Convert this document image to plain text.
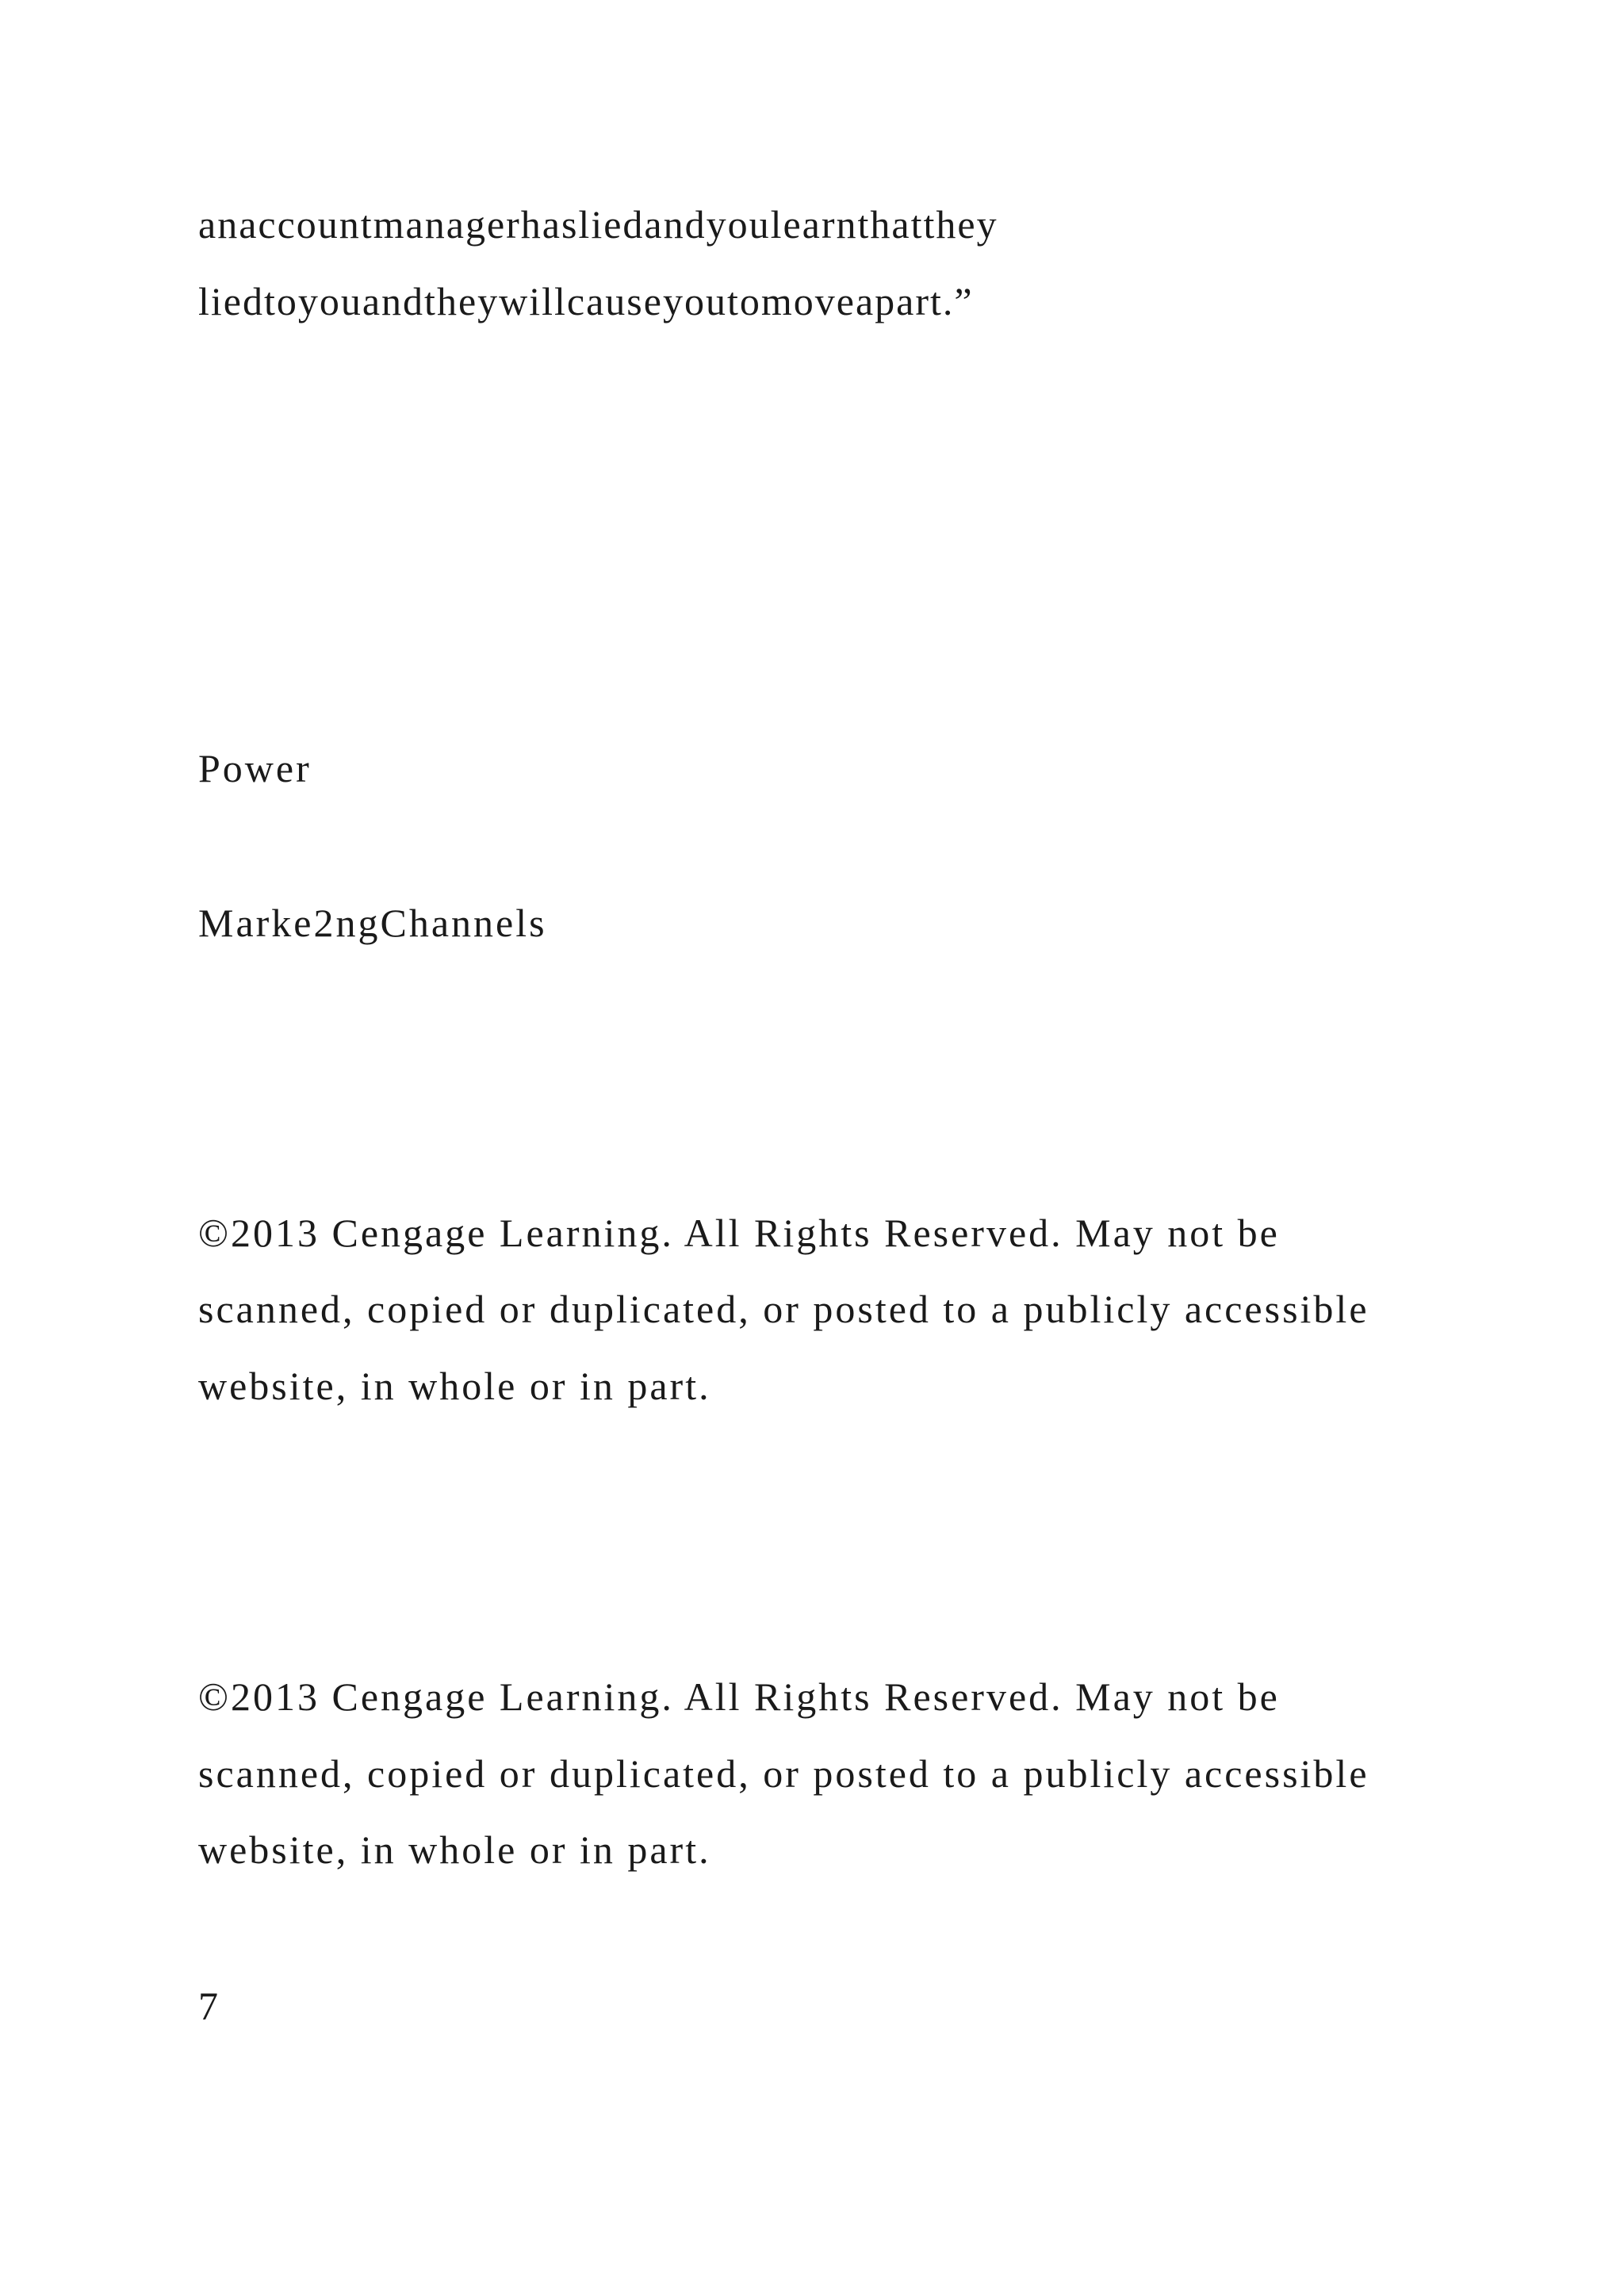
anaccountmanagerhasliedandyoulearnthatthey
liedtoyouandtheywillcauseyoutomoveapart.”
Power
Marke2ngChannels
©2013 Cengage Learning. All Rights Reserved. May not be
scanned, copied or duplicated, or posted to a publicly accessible
website, in whole or in part.
©2013 Cengage Learning. All Rights Reserved. May not be
scanned, copied or duplicated, or posted to a publicly accessible
website, in whole or in part.
7
